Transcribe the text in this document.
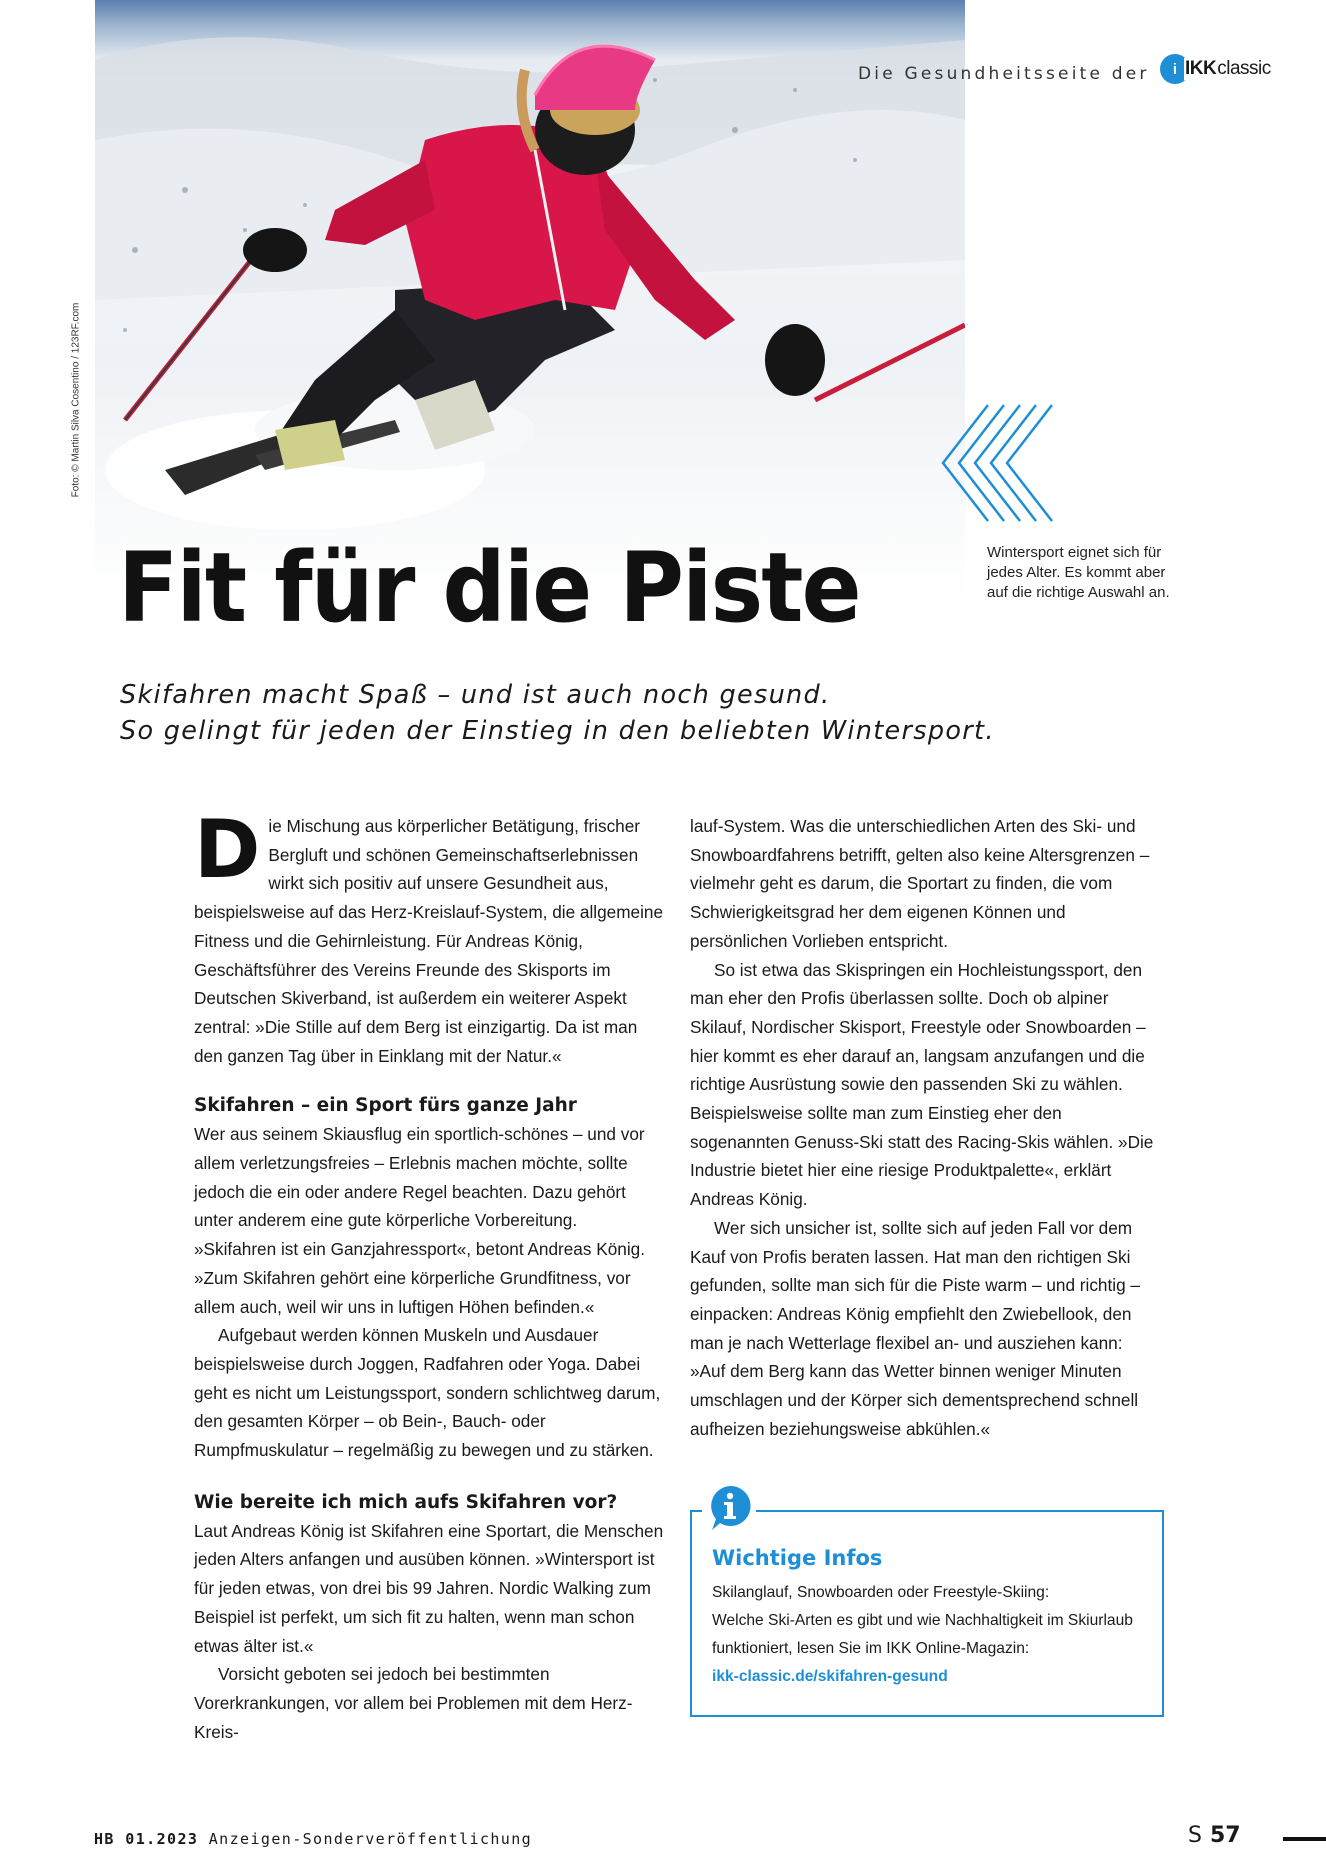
Foto: © Martin Silva Cosentino / 123RF.com
Die Gesundheitsseite der	i IKK classic
Wintersport eignet sich für jedes Alter. Es kommt aber auf die richtige Auswahl an.
Fit für die Piste
Skifahren macht Spaß – und ist auch noch gesund.
So gelingt für jeden der Einstieg in den beliebten Wintersport.

Die Mischung aus körperlicher Betätigung, frischer Bergluft und schönen Gemeinschaftserlebnissen wirkt sich positiv auf unsere Gesundheit aus, beispielsweise auf das Herz-Kreislauf-System, die allgemeine Fitness und die Gehirnleistung. Für Andreas König, Geschäftsführer des Vereins Freunde des Skisports im Deutschen Skiverband, ist außerdem ein weiterer Aspekt zentral: »Die Stille auf dem Berg ist einzigartig. Da ist man den ganzen Tag über in Einklang mit der Natur.«

Skifahren – ein Sport fürs ganze Jahr

Wer aus seinem Skiausflug ein sportlich-schönes – und vor allem verletzungsfreies – Erlebnis machen möchte, sollte jedoch die ein oder andere Regel beachten. Dazu gehört unter anderem eine gute körperliche Vorbereitung. »Skifahren ist ein Ganzjahressport«, betont Andreas König. »Zum Skifahren gehört eine körperliche Grundfitness, vor allem auch, weil wir uns in luftigen Höhen befinden.«

Aufgebaut werden können Muskeln und Ausdauer beispielsweise durch Joggen, Radfahren oder Yoga. Dabei geht es nicht um Leistungssport, sondern schlichtweg darum, den gesamten Körper – ob Bein-, Bauch- oder Rumpfmuskulatur – regelmäßig zu bewegen und zu stärken.

Wie bereite ich mich aufs Skifahren vor?

Laut Andreas König ist Skifahren eine Sportart, die Menschen jeden Alters anfangen und ausüben können. »Wintersport ist für jeden etwas, von drei bis 99 Jahren. Nordic Walking zum Beispiel ist perfekt, um sich fit zu halten, wenn man schon etwas älter ist.«

Vorsicht geboten sei jedoch bei bestimmten Vorerkrankungen, vor allem bei Problemen mit dem Herz-Kreis-

lauf-System. Was die unterschiedlichen Arten des Ski- und Snowboardfahrens betrifft, gelten also keine Altersgrenzen – vielmehr geht es darum, die Sportart zu finden, die vom Schwierigkeitsgrad her dem eigenen Können und persönlichen Vorlieben entspricht.

So ist etwa das Skispringen ein Hochleistungssport, den man eher den Profis überlassen sollte. Doch ob alpiner Skilauf, Nordischer Skisport, Freestyle oder Snowboarden – hier kommt es eher darauf an, langsam anzufangen und die richtige Ausrüstung sowie den passenden Ski zu wählen. Beispielsweise sollte man zum Einstieg eher den sogenannten Genuss-Ski statt des Racing-Skis wählen. »Die Industrie bietet hier eine riesige Produktpalette«, erklärt Andreas König.

Wer sich unsicher ist, sollte sich auf jeden Fall vor dem Kauf von Profis beraten lassen. Hat man den richtigen Ski gefunden, sollte man sich für die Piste warm – und richtig – einpacken: Andreas König empfiehlt den Zwiebellook, den man je nach Wetterlage flexibel an- und ausziehen kann: »Auf dem Berg kann das Wetter binnen weniger Minuten umschlagen und der Körper sich dementsprechend schnell aufheizen beziehungsweise abkühlen.«

Wichtige Infos
Skilanglauf, Snowboarden oder Freestyle-Skiing:
Welche Ski-Arten es gibt und wie Nachhaltigkeit im Skiurlaub funktioniert, lesen Sie im IKK Online-Magazin:
ikk-classic.de/skifahren-gesund
HB 01.2023 Anzeigen-Sonderveröffentlichung	S 57
